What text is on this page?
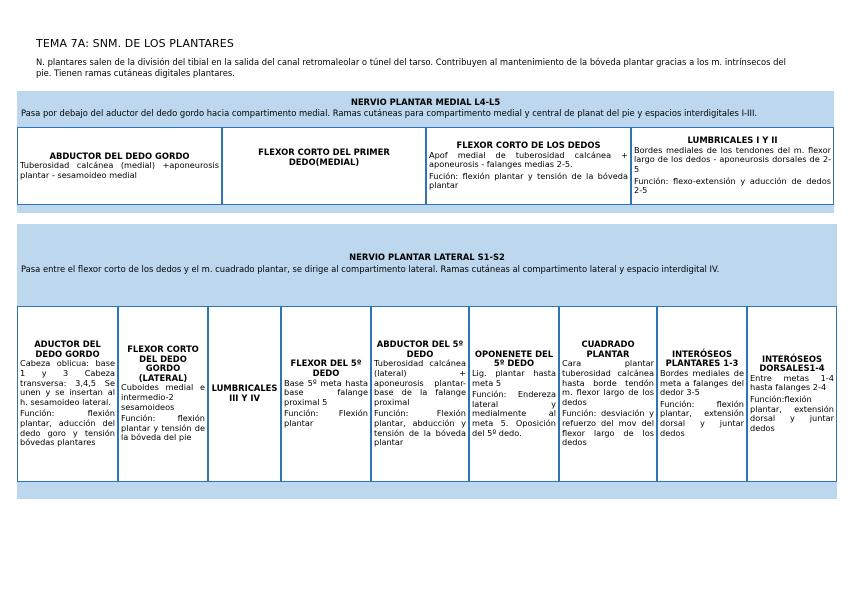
TEMA 7A: SNM. DE LOS PLANTARES
N. plantares salen de la división del tibial en la salida del canal retromaleolar o túnel del tarso. Contribuyen al mantenimiento de la bóveda plantar gracias a los m. intrínsecos del pie. Tienen ramas cutáneas digitales plantares.
NERVIO PLANTAR MEDIAL L4-L5
Pasa por debajo del aductor del dedo gordo hacia compartimento medial. Ramas cutáneas para compartimento medial y central de planat del pie y espacios interdigitales I-III.
ABDUCTOR DEL DEDO GORDO

Tuberosidad calcánea (medial) +aponeurosis plantar - sesamoideo medial

FLEXOR CORTO DEL PRIMER DEDO(MEDIAL)
FLEXOR CORTO DE LOS DEDOS

Apof medial de tuberosidad calcánea + aponeurosis - falanges medias 2-5.

Fución: flexión plantar y tensión de la bóveda plantar

LUMBRICALES I Y II

Bordes mediales de los tendones del m. flexor largo de los dedos - aponeurosis dorsales de 2-5

Función: flexo-extensión y aducción de dedos 2-5

NERVIO PLANTAR LATERAL S1-S2
Pasa entre el flexor corto de los dedos y el m. cuadrado plantar, se dirige al compartimento lateral. Ramas cutáneas al compartimento lateral y espacio interdigital IV.
ADUCTOR DEL DEDO GORDO

Cabeza oblicua: base 1 y 3 Cabeza transversa: 3,4,5 Se unen y se insertan al h. sesamoideo lateral.

Función: flexión plantar, aducción del dedo goro y tensión bóvedas plantares

FLEXOR CORTO DEL DEDO GORDO (LATERAL)

Cuboides medial e intermedio-2 sesamoideos

Función: flexión plantar y tensión de la bóveda del pie

LUMBRICALES III Y IV
FLEXOR DEL 5º DEDO

Base 5º meta hasta base falange proximal 5

Función: Flexión plantar

ABDUCTOR DEL 5º DEDO

Tuberosidad calcánea (lateral) + aponeurosis plantar-base de la falange proximal

Función: Flexión plantar, abducción y tensión de la bóveda plantar

OPONENETE DEL 5º DEDO

Lig. plantar hasta meta 5

Función: Endereza lateral y medialmente al meta 5. Oposición del 5º dedo.

CUADRADO PLANTAR

Cara plantar tuberosidad calcánea hasta borde tendón m. flexor largo de los dedos

Función: desviación y refuerzo del mov del flexor largo de los dedos

INTERÓSEOS PLANTARES 1-3

Bordes mediales de meta a falanges del dedor 3-5

Función: flexión plantar, extensión dorsal y juntar dedos

INTERÓSEOS DORSALES1-4

Entre metas 1-4 hasta falanges 2-4

Función:flexión plantar, extensión dorsal y juntar dedos
